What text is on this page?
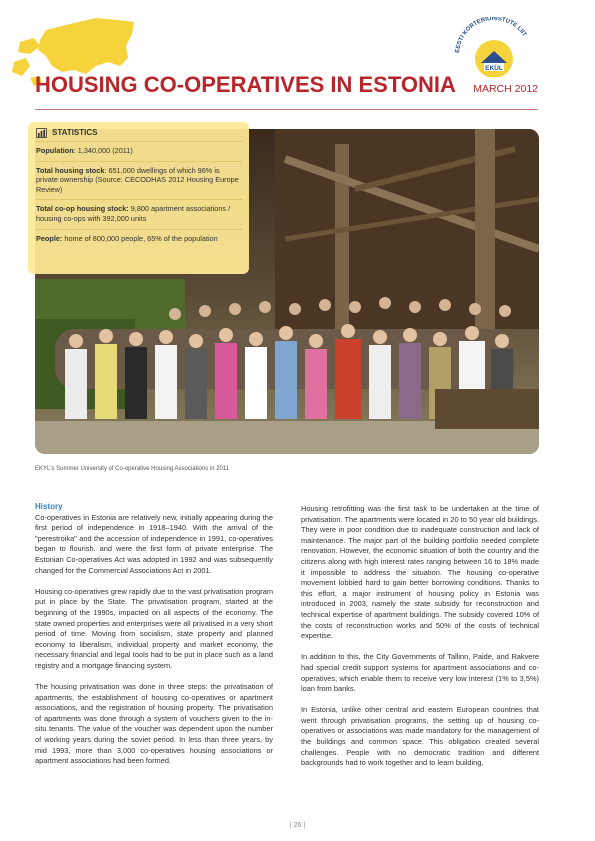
EESTI KORTERIÜHISTUTE LIIT
EKÜL
HOUSING CO-OPERATIVES IN ESTONIA MARCH 2012
STATISTICS

Population: 1,340,000 (2011)

Total housing stock: 651,000 dwellings of which 96% is private ownership (Source: CECODHAS 2012 Housing Europe Review)

Total co-op housing stock: 9,800 apartment associations / housing co-ops with 392,000 units

People: home of 800,000 people, 65% of the population

EKYL's Summer University of Co-operative Housing Associations in 2011
History

Co-operatives in Estonia are relatively new, initially appearing during the first period of independence in 1918–1940. With the arrival of the "perestroika" and the accession of independence in 1991, co-operatives began to flourish. and were the first form of private enterprise. The Estonian Co-operatives Act was adopted in 1992 and was subsequently changed for the Commercial Associations Act in 2001.

Housing co-operatives grew rapidly due to the vast privatisation program put in place by the State. The privatisation program, started at the beginning of the 1990s, impacted on all aspects of the economy. The state owned properties and enterprises were all privatised in a very short period of time. Moving from socialism, state property and planned economy to liberalism, individual property and market economy, the necessary financial and legal tools had to be put in place such as a land registry and a mortgage financing system.

The housing privatisation was done in three steps: the privatisation of apartments, the establishment of housing co-operatives or apartment associations, and the registration of housing property. The privatisation of apartments was done through a system of vouchers given to the in-situ tenants. The value of the voucher was dependent upon the number of working years during the soviet period. In less than three years, by mid 1993, more than 3,000 co-operatives housing associations or apartment associations had been formed.

Housing retrofitting was the first task to be undertaken at the time of privatisation. The apartments were located in 20 to 50 year old buildings. They were in poor condition due to inadequate construction and lack of maintenance. The major part of the building portfolio needed complete renovation. However, the economic situation of both the country and the citizens along with high interest rates ranging between 16 to 18% made it impossible to address the situation. The housing co-operative movement lobbied hard to gain better borrowing conditions. Thanks to this effort, a major instrument of housing policy in Estonia was introduced in 2003, namely the state subsidy for reconstruction and technical expertise of apartment buildings. The subsidy covered 10% of the costs of reconstruction works and 50% of the costs of technical expertise.

In addition to this, the City Governments of Tallinn, Paide, and Rakvere had special credit support systems for apartment associations and co-operatives, which enable them to receive very low interest (1% to 3,5%) loan from banks.

In Estonia, unlike other central and eastern European countries that went through privatisation programs, the setting up of housing co-operatives or associations was made mandatory for the management of the buildings and common space. This obligation created several challenges. People with no democratic tradition and different backgrounds had to work together and to learn building,

| 26 |
